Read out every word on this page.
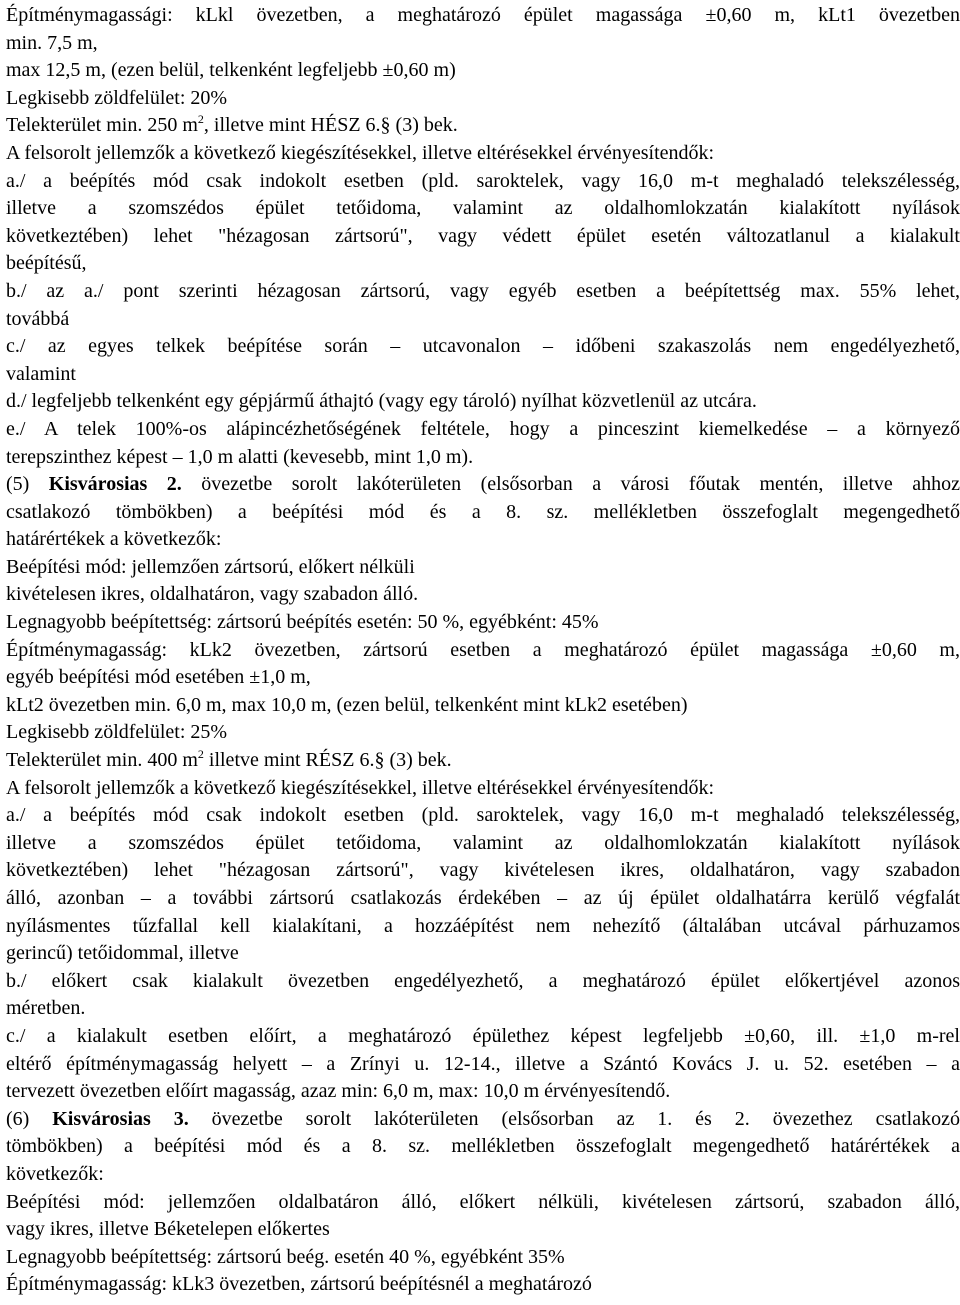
Építménymagassági: kLkl övezetben, a meghatározó épület magassága ±0,60 m, kLt1 övezetben
min. 7,5 m,
max 12,5 m, (ezen belül, telkenként legfeljebb ±0,60 m)
Legkisebb zöldfelület: 20%
Telekterület min. 250 $m^2$, illetve mint HÉSZ 6.§ (3) bek.
A felsorolt jellemzők a következő kiegészítésekkel, illetve eltérésekkel érvényesítendők:
a./ a beépítés mód csak indokolt esetben (pld. saroktelek, vagy 16,0 m-t meghaladó telekszélesség,
illetve a szomszédos épület tetőidoma, valamint az oldalhomlokzatán kialakított nyílások
következtében) lehet "hézagosan zártsorú", vagy védett épület esetén változatlanul a kialakult
beépítésű,
b./ az a./ pont szerinti hézagosan zártsorú, vagy egyéb esetben a beépítettség max. 55% lehet,
továbbá
c./ az egyes telkek beépítése során – utcavonalon – időbeni szakaszolás nem engedélyezhető,
valamint
d./ legfeljebb telkenként egy gépjármű áthajtó (vagy egy tároló) nyílhat közvetlenül az utcára.
e./ A telek 100%-os alápincézhetőségének feltétele, hogy a pinceszint kiemelkedése – a környező
terepszinthez képest – 1,0 m alatti (kevesebb, mint 1,0 m).
(5) Kisvárosias 2. övezetbe sorolt lakóterületen (elsősorban a városi főutak mentén, illetve ahhoz
csatlakozó tömbökben) a beépítési mód és a 8. sz. mellékletben összefoglalt megengedhető
határértékek a következők:
Beépítési mód: jellemzően zártsorú, előkert nélküli
kivételesen ikres, oldalhatáron, vagy szabadon álló.
Legnagyobb beépítettség: zártsorú beépítés esetén: 50 %, egyébként: 45%
Építménymagasság: kLk2 övezetben, zártsorú esetben a meghatározó épület magassága ±0,60 m,
egyéb beépítési mód esetében ±1,0 m,
kLt2 övezetben min. 6,0 m, max 10,0 m, (ezen belül, telkenként mint kLk2 esetében)
Legkisebb zöldfelület: 25%
Telekterület min. 400 $m^2$ illetve mint RÉSZ 6.§ (3) bek.
A felsorolt jellemzők a következő kiegészítésekkel, illetve eltérésekkel érvényesítendők:
a./ a beépítés mód csak indokolt esetben (pld. saroktelek, vagy 16,0 m-t meghaladó telekszélesség,
illetve a szomszédos épület tetőidoma, valamint az oldalhomlokzatán kialakított nyílások
következtében) lehet "hézagosan zártsorú", vagy kivételesen ikres, oldalhatáron, vagy szabadon
álló, azonban – a további zártsorú csatlakozás érdekében – az új épület oldalhatárra kerülő végfalát
nyílásmentes tűzfallal kell kialakítani, a hozzáépítést nem nehezítő (általában utcával párhuzamos
gerincű) tetőidommal, illetve
b./ előkert csak kialakult övezetben engedélyezhető, a meghatározó épület előkertjével azonos
méretben.
c./ a kialakult esetben előírt, a meghatározó épülethez képest legfeljebb ±0,60, ill. ±1,0 m-rel
eltérő építménymagasság helyett – a Zrínyi u. 12-14., illetve a Szántó Kovács J. u. 52. esetében – a
tervezett övezetben előírt magasság, azaz min: 6,0 m, max: 10,0 m érvényesítendő.
(6) Kisvárosias 3. övezetbe sorolt lakóterületen (elsősorban az 1. és 2. övezethez csatlakozó
tömbökben) a beépítési mód és a 8. sz. mellékletben összefoglalt megengedhető határértékek a
következők:
Beépítési mód: jellemzően oldalbatáron álló, előkert nélküli, kivételesen zártsorú, szabadon álló,
vagy ikres, illetve Béketelepen előkertes
Legnagyobb beépítettség: zártsorú beég. esetén 40 %, egyébként 35%
Építménymagasság: kLk3 övezetben, zártsorú beépítésnél a meghatározó
